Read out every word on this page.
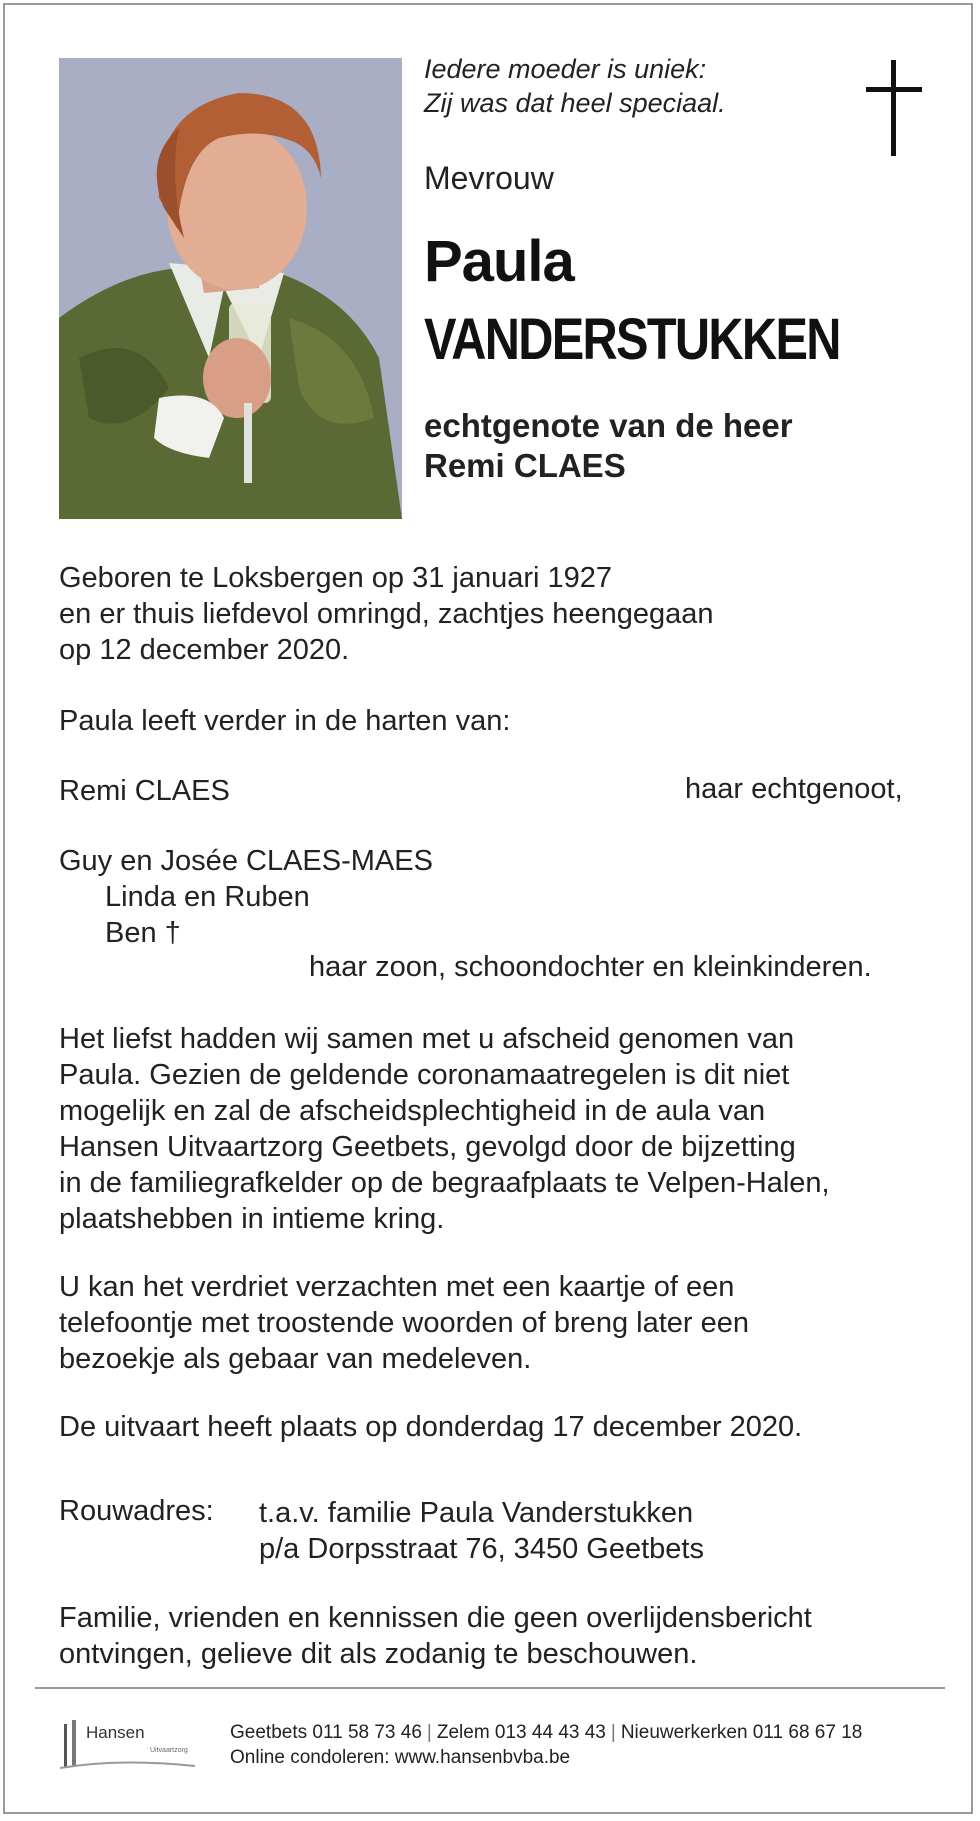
Iedere moeder is uniek:
Zij was dat heel speciaal.
Mevrouw
Paula
VANDERSTUKKEN
echtgenote van de heer
Remi CLAES
Geboren te Loksbergen op 31 januari 1927
en er thuis liefdevol omringd, zachtjes heengegaan
op 12 december 2020.
Paula leeft verder in de harten van:
Remi CLAES	haar echtgenoot,
Guy en Josée CLAES-MAES
Linda en Ruben
Ben †
haar zoon, schoondochter en kleinkinderen.
Het liefst hadden wij samen met u afscheid genomen van
Paula. Gezien de geldende coronamaatregelen is dit niet
mogelijk en zal de afscheidsplechtigheid in de aula van
Hansen Uitvaartzorg Geetbets, gevolgd door de bijzetting
in de familiegrafkelder op de begraafplaats te Velpen-Halen,
plaatshebben in intieme kring.
U kan het verdriet verzachten met een kaartje of een
telefoontje met troostende woorden of breng later een
bezoekje als gebaar van medeleven.
De uitvaart heeft plaats op donderdag 17 december 2020.
Rouwadres: t.a.v. familie Paula Vanderstukken
p/a Dorpsstraat 76, 3450 Geetbets
Familie, vrienden en kennissen die geen overlijdensbericht
ontvingen, gelieve dit als zodanig te beschouwen.
Hansen
Uitvaartzorg
Geetbets 011 58 73 46 | Zelem 013 44 43 43 | Nieuwerkerken 011 68 67 18
Online condoleren: www.hansenbvba.be
